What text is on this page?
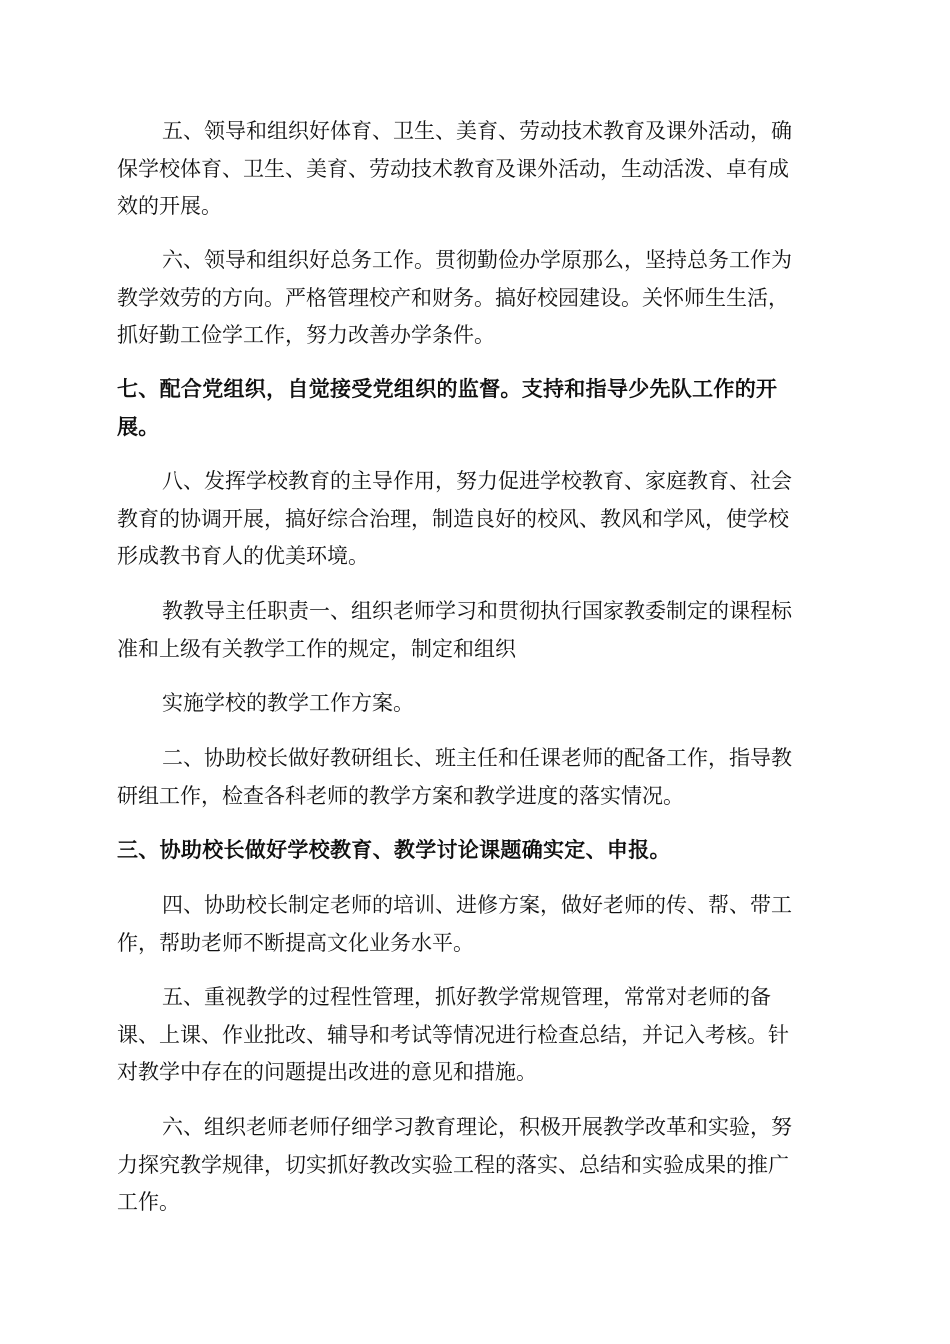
五、领导和组织好体育、卫生、美育、劳动技术教育及课外活动，确
保学校体育、卫生、美育、劳动技术教育及课外活动，生动活泼、卓有成
效的开展。

六、领导和组织好总务工作。贯彻勤俭办学原那么，坚持总务工作为
教学效劳的方向。严格管理校产和财务。搞好校园建设。关怀师生生活，
抓好勤工俭学工作，努力改善办学条件。

七、配合党组织，自觉接受党组织的监督。支持和指导少先队工作的开
展。

八、发挥学校教育的主导作用，努力促进学校教育、家庭教育、社会
教育的协调开展，搞好综合治理，制造良好的校风、教风和学风，使学校
形成教书育人的优美环境。

教教导主任职责一、组织老师学习和贯彻执行国家教委制定的课程标
准和上级有关教学工作的规定，制定和组织

实施学校的教学工作方案。

二、协助校长做好教研组长、班主任和任课老师的配备工作，指导教
研组工作，检查各科老师的教学方案和教学进度的落实情况。

三、协助校长做好学校教育、教学讨论课题确实定、申报。

四、协助校长制定老师的培训、进修方案，做好老师的传、帮、带工
作，帮助老师不断提高文化业务水平。

五、重视教学的过程性管理，抓好教学常规管理，常常对老师的备
课、上课、作业批改、辅导和考试等情况进行检查总结，并记入考核。针
对教学中存在的问题提出改进的意见和措施。

六、组织老师老师仔细学习教育理论，积极开展教学改革和实验，努
力探究教学规律，切实抓好教改实验工程的落实、总结和实验成果的推广
工作。
